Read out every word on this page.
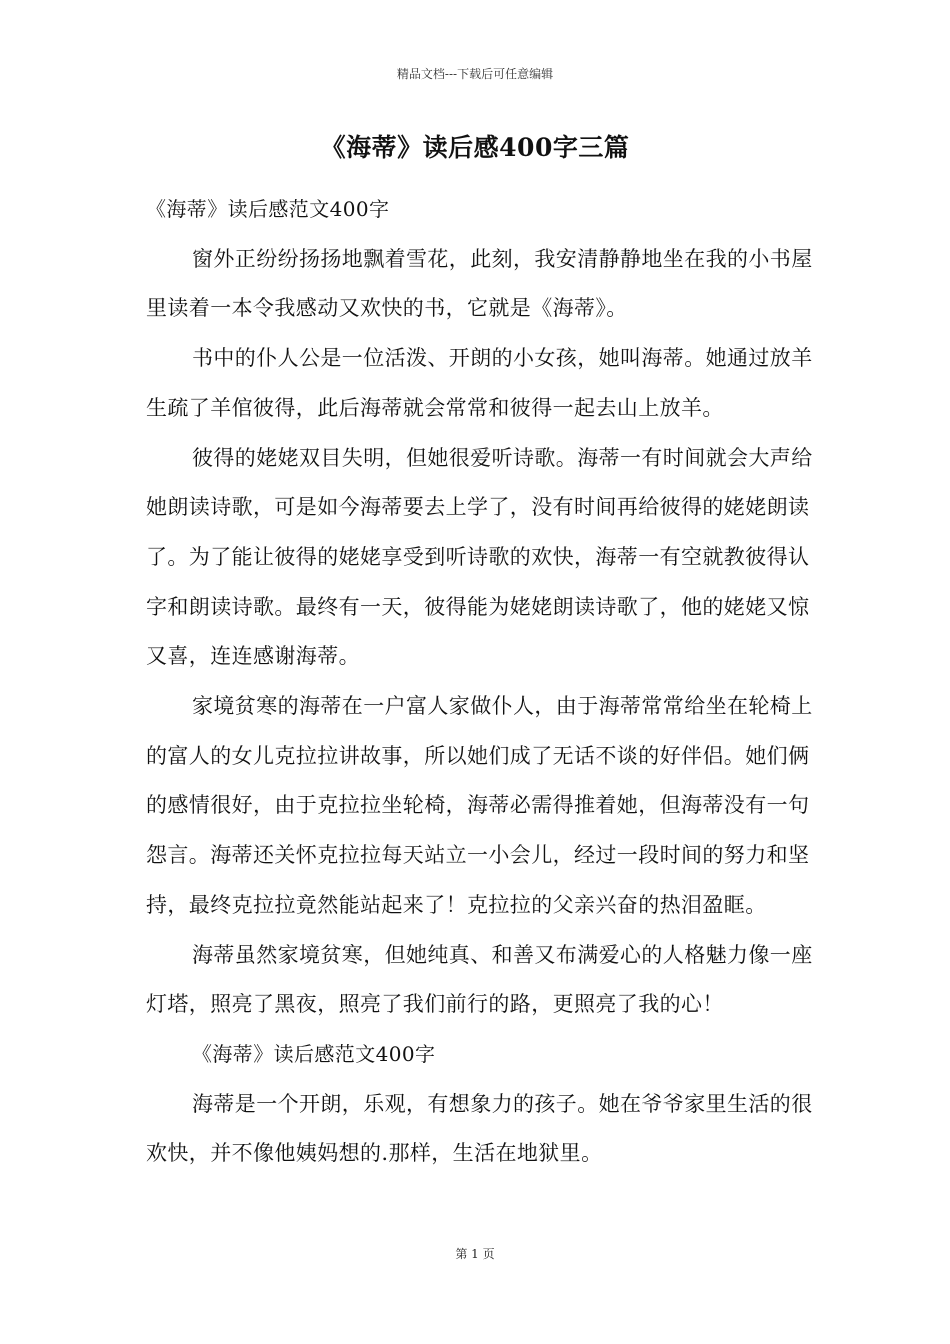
精品文档---下载后可任意编辑
《海蒂》读后感400字三篇

《海蒂》读后感范文400字

窗外正纷纷扬扬地飘着雪花，此刻，我安清静静地坐在我的小书屋里读着一本令我感动又欢快的书，它就是《海蒂》。

书中的仆人公是一位活泼、开朗的小女孩，她叫海蒂。她通过放羊生疏了羊倌彼得，此后海蒂就会常常和彼得一起去山上放羊。

彼得的姥姥双目失明，但她很爱听诗歌。海蒂一有时间就会大声给她朗读诗歌，可是如今海蒂要去上学了，没有时间再给彼得的姥姥朗读了。为了能让彼得的姥姥享受到听诗歌的欢快，海蒂一有空就教彼得认字和朗读诗歌。最终有一天，彼得能为姥姥朗读诗歌了，他的姥姥又惊又喜，连连感谢海蒂。

家境贫寒的海蒂在一户富人家做仆人，由于海蒂常常给坐在轮椅上的富人的女儿克拉拉讲故事，所以她们成了无话不谈的好伴侣。她们俩的感情很好，由于克拉拉坐轮椅，海蒂必需得推着她，但海蒂没有一句怨言。海蒂还关怀克拉拉每天站立一小会儿，经过一段时间的努力和坚持，最终克拉拉竟然能站起来了！克拉拉的父亲兴奋的热泪盈眶。

海蒂虽然家境贫寒，但她纯真、和善又布满爱心的人格魅力像一座灯塔，照亮了黑夜，照亮了我们前行的路，更照亮了我的心！

《海蒂》读后感范文400字

海蒂是一个开朗，乐观，有想象力的孩子。她在爷爷家里生活的很欢快，并不像他姨妈想的.那样，生活在地狱里。

第 1 页
